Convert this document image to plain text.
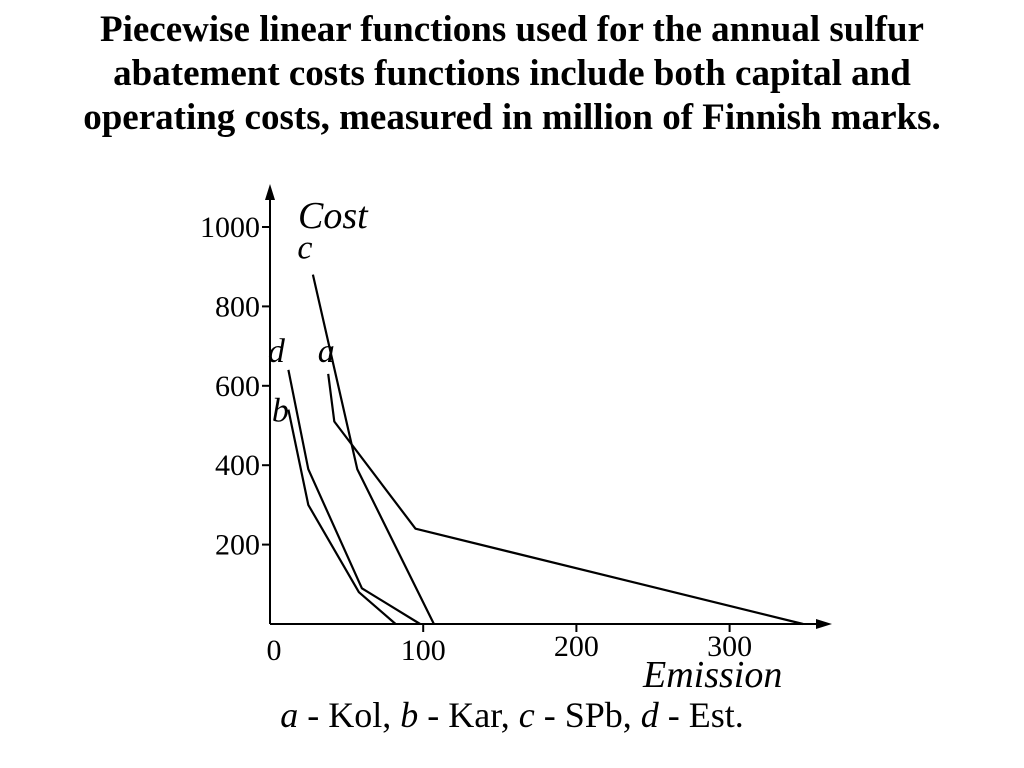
Piecewise linear functions used for the annual sulfur
abatement costs functions include both capital and
operating costs, measured in million of Finnish marks.
200
400
600
800
1000
0	100	200	300
Cost
Emission
a
b
c
d
a - Kol, b - Kar, c - SPb, d - Est.
